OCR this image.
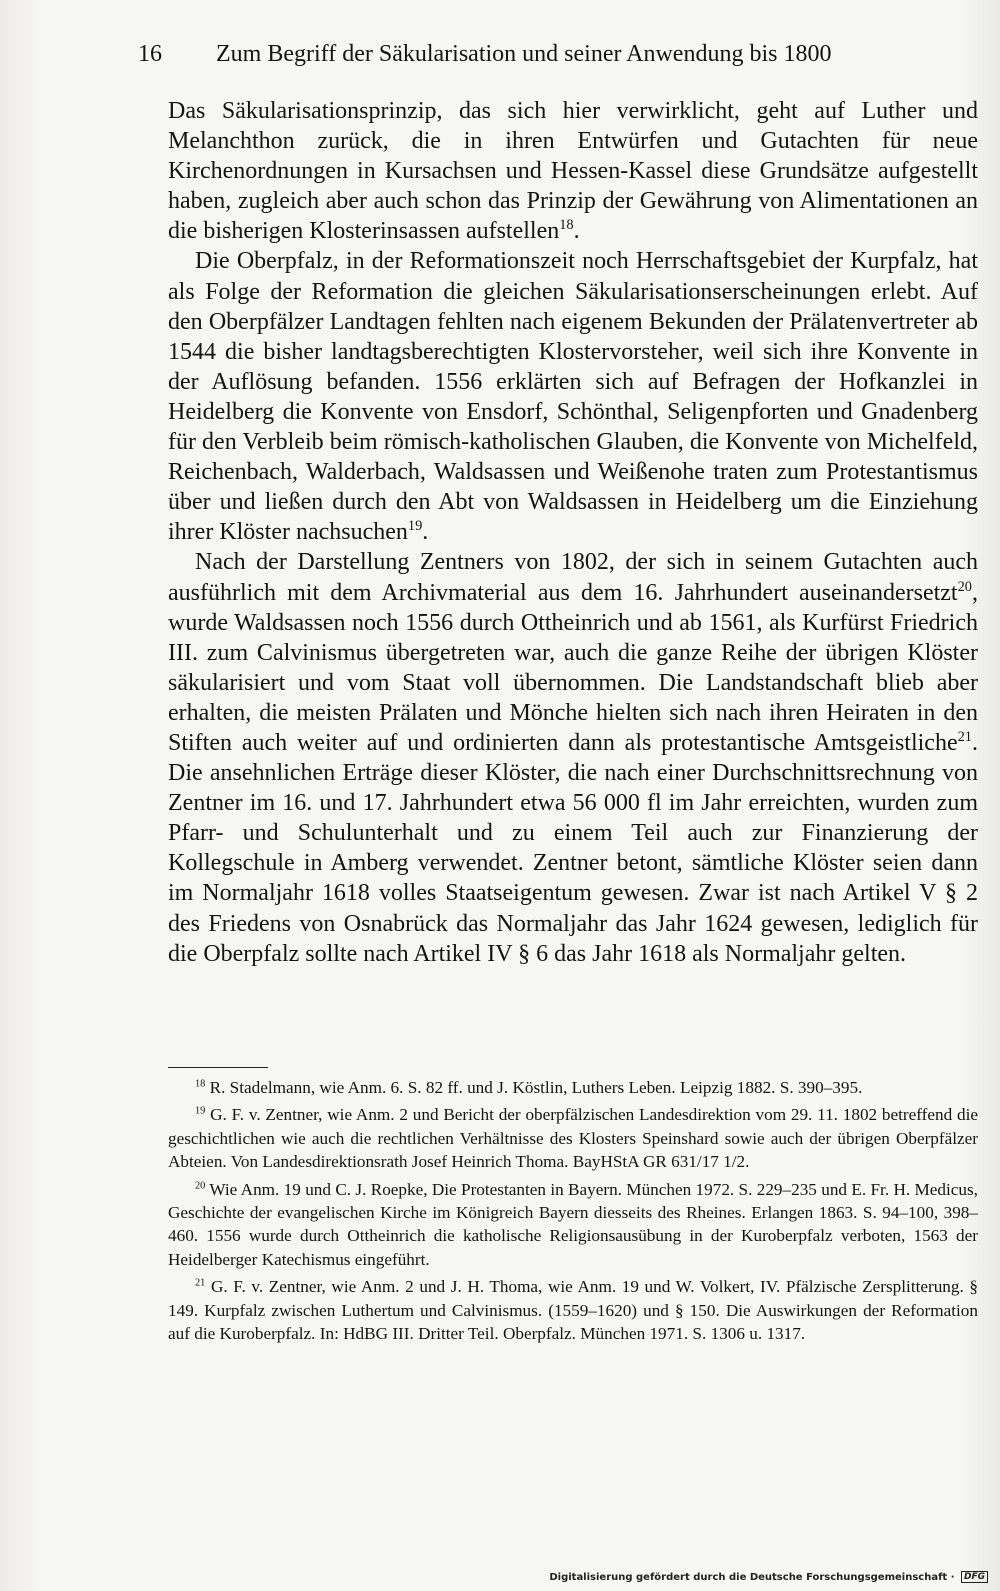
16 Zum Begriff der Säkularisation und seiner Anwendung bis 1800

Das Säkularisationsprinzip, das sich hier verwirklicht, geht auf Luther und Melanchthon zurück, die in ihren Entwürfen und Gutachten für neue Kirchenordnungen in Kursachsen und Hessen-Kassel diese Grundsätze aufgestellt haben, zugleich aber auch schon das Prinzip der Gewährung von Alimentationen an die bisherigen Klosterinsassen aufstellen$^{18}$.

Die Oberpfalz, in der Reformationszeit noch Herrschaftsgebiet der Kurpfalz, hat als Folge der Reformation die gleichen Säkularisationserscheinungen erlebt. Auf den Oberpfälzer Landtagen fehlten nach eigenem Bekunden der Prälatenvertreter ab 1544 die bisher landtagsberechtigten Klostervorsteher, weil sich ihre Konvente in der Auflösung befanden. 1556 erklärten sich auf Befragen der Hofkanzlei in Heidelberg die Konvente von Ensdorf, Schönthal, Seligenpforten und Gnadenberg für den Verbleib beim römisch-katholischen Glauben, die Konvente von Michelfeld, Reichenbach, Walderbach, Waldsassen und Weißenohe traten zum Protestantismus über und ließen durch den Abt von Waldsassen in Heidelberg um die Einziehung ihrer Klöster nachsuchen$^{19}$.

Nach der Darstellung Zentners von 1802, der sich in seinem Gutachten auch ausführlich mit dem Archivmaterial aus dem 16. Jahrhundert auseinandersetzt$^{20}$, wurde Waldsassen noch 1556 durch Ottheinrich und ab 1561, als Kurfürst Friedrich III. zum Calvinismus übergetreten war, auch die ganze Reihe der übrigen Klöster säkularisiert und vom Staat voll übernommen. Die Landstandschaft blieb aber erhalten, die meisten Prälaten und Mönche hielten sich nach ihren Heiraten in den Stiften auch weiter auf und ordinierten dann als protestantische Amtsgeistliche$^{21}$. Die ansehnlichen Erträge dieser Klöster, die nach einer Durchschnittsrechnung von Zentner im 16. und 17. Jahrhundert etwa 56 000 fl im Jahr erreichten, wurden zum Pfarr- und Schulunterhalt und zu einem Teil auch zur Finanzierung der Kollegschule in Amberg verwendet. Zentner betont, sämtliche Klöster seien dann im Normaljahr 1618 volles Staatseigentum gewesen. Zwar ist nach Artikel V § 2 des Friedens von Osnabrück das Normaljahr das Jahr 1624 gewesen, lediglich für die Oberpfalz sollte nach Artikel IV § 6 das Jahr 1618 als Normaljahr gelten.

$^{18}$ R. Stadelmann, wie Anm. 6. S. 82 ff. und J. Köstlin, Luthers Leben. Leipzig 1882. S. 390–395.

$^{19}$ G. F. v. Zentner, wie Anm. 2 und Bericht der oberpfälzischen Landesdirektion vom 29. 11. 1802 betreffend die geschichtlichen wie auch die rechtlichen Verhältnisse des Klosters Speinshard sowie auch der übrigen Oberpfälzer Abteien. Von Landesdirektionsrath Josef Heinrich Thoma. BayHStA GR 631/17 1/2.

$^{20}$ Wie Anm. 19 und C. J. Roepke, Die Protestanten in Bayern. München 1972. S. 229–235 und E. Fr. H. Medicus, Geschichte der evangelischen Kirche im Königreich Bayern diesseits des Rheines. Erlangen 1863. S. 94–100, 398–460. 1556 wurde durch Ottheinrich die katholische Religionsausübung in der Kuroberpfalz verboten, 1563 der Heidelberger Katechismus eingeführt.

$^{21}$ G. F. v. Zentner, wie Anm. 2 und J. H. Thoma, wie Anm. 19 und W. Volkert, IV. Pfälzische Zersplitterung. § 149. Kurpfalz zwischen Luthertum und Calvinismus. (1559–1620) und § 150. Die Auswirkungen der Reformation auf die Kuroberpfalz. In: HdBG III. Dritter Teil. Oberpfalz. München 1971. S. 1306 u. 1317.

Digitalisierung gefördert durch die Deutsche Forschungsgemeinschaft · DFG
